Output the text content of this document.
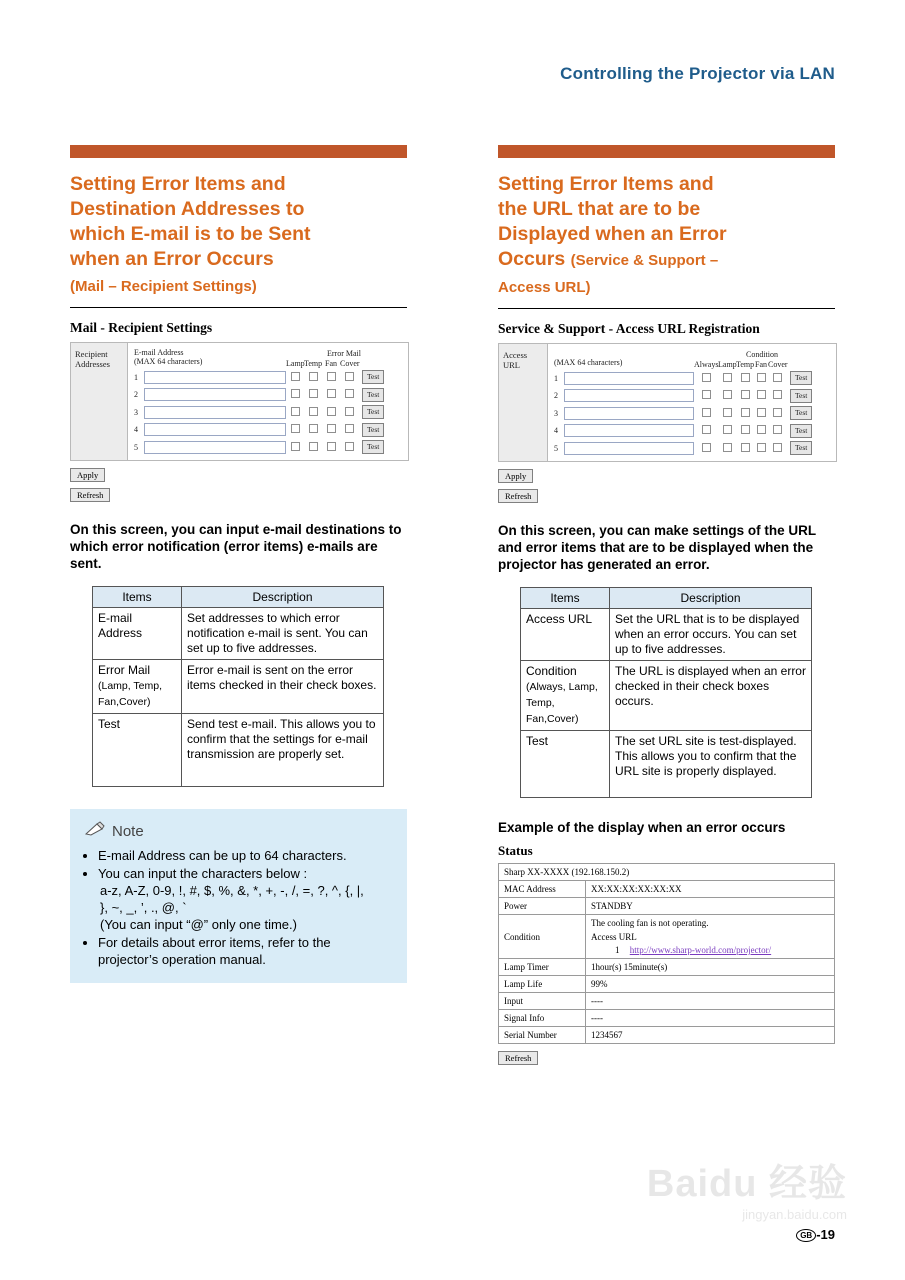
Controlling the Projector via LAN
Setting Error Items and
Destination Addresses to
which E-mail is to be Sent
when an Error Occurs
(Mail – Recipient Settings)
Mail - Recipient Settings
Recipient
Addresses
E-mail Address
(MAX 64 characters)
Error Mail
Lamp Temp Fan Cover
1	Test
2	Test
3	Test
4	Test
5	Test
Apply
Refresh
On this screen, you can input e-mail destinations to which error notification (error items) e-mails are sent.
Items	Description
E-mail Address	Set addresses to which error notification e-mail is sent. You can set up to five addresses.
Error Mail (Lamp, Temp, Fan,Cover)	Error e-mail is sent on the error items checked in their check boxes.
Test	Send test e-mail. This allows you to confirm that the settings for e-mail transmission are properly set.
Note
• E-mail Address can be up to 64 characters.
• You can input the characters below :
a-z, A-Z, 0-9, !, #, $, %, &, *, +, -, /, =, ?, ^, {, |,
}, ~, _, ’, ., @, `
(You can input “@” only one time.)
• For details about error items, refer to the projector’s operation manual.
Setting Error Items and
the URL that are to be
Displayed when an Error
Occurs (Service & Support –
Access URL)
Service & Support - Access URL Registration
Access
URL	(MAX 64 characters)
Condition
Always Lamp Temp Fan Cover
1	Test
2	Test
3	Test
4	Test
5	Test
Apply
Refresh
On this screen, you can make settings of the URL and error items that are to be displayed when the projector has generated an error.
Items	Description
Access URL	Set the URL that is to be displayed when an error occurs. You can set up to five addresses.
Condition (Always, Lamp, Temp, Fan,Cover)	The URL is displayed when an error checked in their check boxes occurs.
Test	The set URL site is test-displayed. This allows you to confirm that the URL site is properly displayed.
Example of the display when an error occurs
Status
Sharp XX-XXXX (192.168.150.2)	
MAC Address	XX:XX:XX:XX:XX:XX
Power	STANDBY
Condition	The cooling fan is not operating.
Access URL
1 http://www.sharp-world.com/projector/

Lamp Timer	1hour(s) 15minute(s)
Lamp Life	99%
Input	----
Signal Info	----
Serial Number	1234567
Refresh
Baidu 经验
jingyan.baidu.com
GB -19
